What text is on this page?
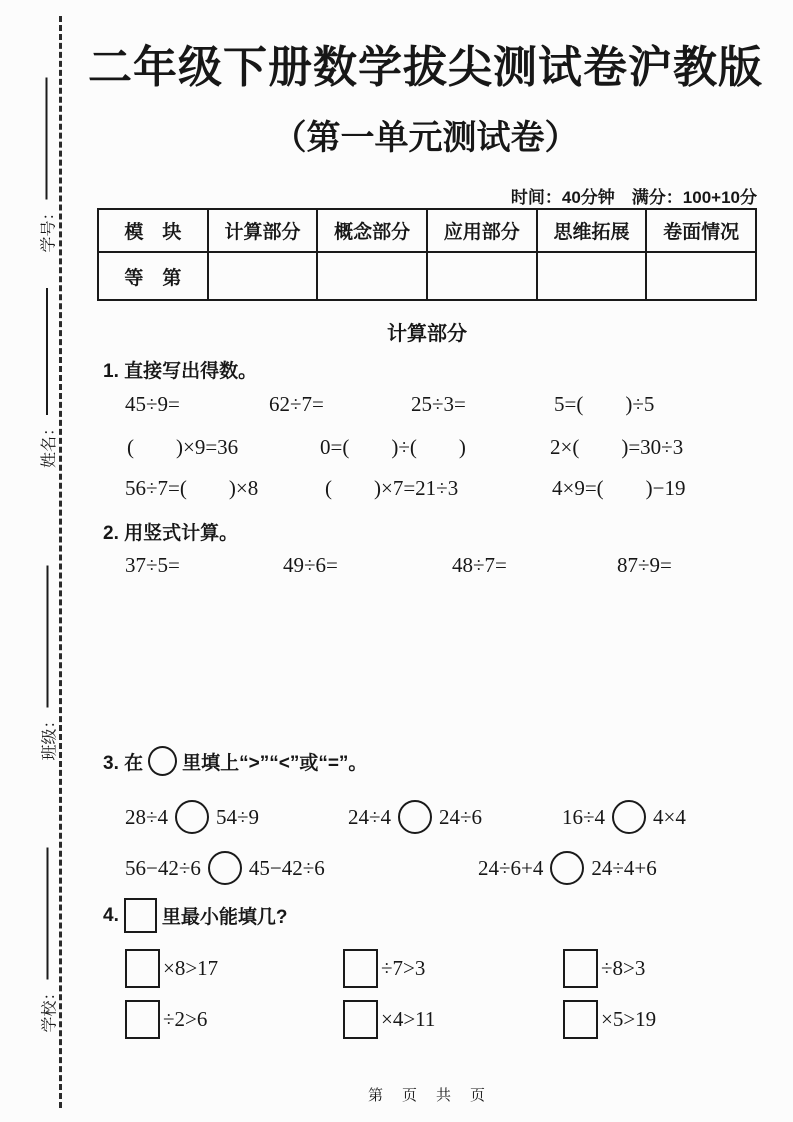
学号：
姓名：
班级：
学校：
二年级下册数学拔尖测试卷沪教版
（第一单元测试卷）
时间：40分钟　满分：100+10分
模　块	计算部分	概念部分	应用部分	思维拓展	卷面情况
等　第					
计算部分
1. 直接写出得数。
45÷9=	62÷7=	25÷3=	5=(        )÷5
(        )×9=36	0=(        )÷(        )	2×(        )=30÷3
56÷7=(        )×8	(        )×7=21÷3	4×9=(        )−19
2. 用竖式计算。
37÷5=	49÷6=	48÷7=	87÷9=
3. 在 里填上“>”“<”或“=”。
28÷4 54÷9	24÷4 24÷6	16÷4 4×4
56−42÷6 45−42÷6	24÷6+4 24÷4+6
4. 里最小能填几?
×8>17	÷7>3	÷8>3
÷2>6	×4>11	×5>19
第　页　共　页
